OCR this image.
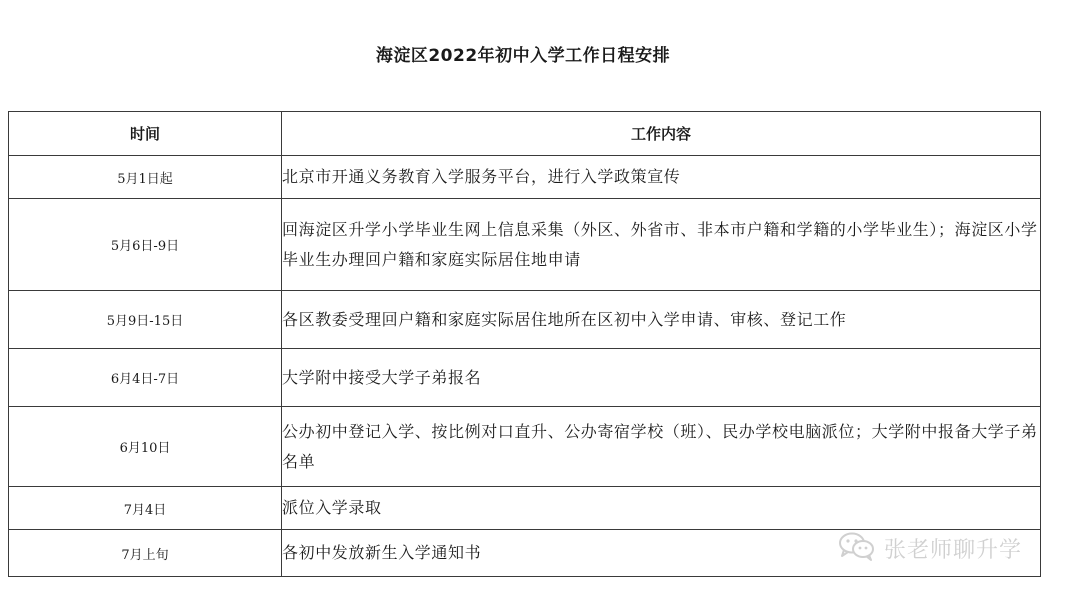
海淀区2022年初中入学工作日程安排
时间	工作内容
5月1日起	北京市开通义务教育入学服务平台，进行入学政策宣传
5月6日-9日	回海淀区升学小学毕业生网上信息采集（外区、外省市、非本市户籍和学籍的小学毕业生）；海淀区小学毕业生办理回户籍和家庭实际居住地申请
5月9日-15日	各区教委受理回户籍和家庭实际居住地所在区初中入学申请、审核、登记工作
6月4日-7日	大学附中接受大学子弟报名
6月10日	公办初中登记入学、按比例对口直升、公办寄宿学校（班）、民办学校电脑派位；大学附中报备大学子弟名单
7月4日	派位入学录取
7月上旬	各初中发放新生入学通知书	张老师聊升学
